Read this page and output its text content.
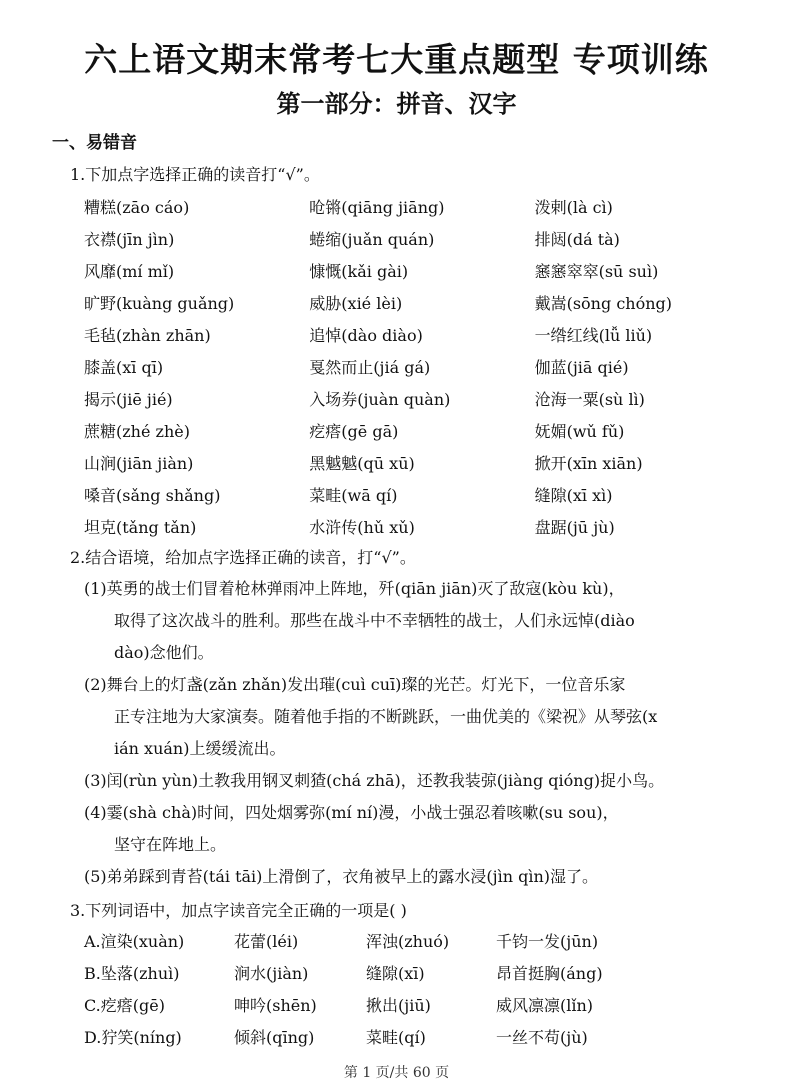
六上语文期末常考七大重点题型 专项训练
第一部分：拼音、汉字
一、易错音
1.下加点字选择正确的读音打“√”。
糟糕(zāo cáo)	呛锵(qiāng jiāng)	泼剌(là cì)
衣襟(jīn jìn)	蜷缩(juǎn quán)	排闼(dá tà)
风靡(mí mǐ)	慷慨(kǎi gài)	窸窸窣窣(sū suì)
旷野(kuàng guǎng)	威胁(xié lèi)	戴嵩(sōng chóng)
毛毡(zhàn zhān)	追悼(dào diào)	一绺红线(lǚ liǔ)
膝盖(xī qī)	戛然而止(jiá gá)	伽蓝(jiā qié)
揭示(jiē jié)	入场券(juàn quàn)	沧海一粟(sù lì)
蔗糖(zhé zhè)	疙瘩(gē gā)	妩媚(wǔ fǔ)
山涧(jiān jiàn)	黑魆魆(qū xū)	掀开(xīn xiān)
嗓音(sǎng shǎng)	菜畦(wā qí)	缝隙(xī xì)
坦克(tǎng tǎn)	水浒传(hǔ xǔ)	盘踞(jū jù)
2.结合语境，给加点字选择正确的读音，打“√”。
(1)英勇的战士们冒着枪林弹雨冲上阵地，歼(qiān jiān)灭了敌寇(kòu kù)，
取得了这次战斗的胜利。那些在战斗中不幸牺牲的战士，人们永远悼(diào
dào)念他们。
(2)舞台上的灯盏(zǎn zhǎn)发出璀(cuì cuī)璨的光芒。灯光下，一位音乐家
正专注地为大家演奏。随着他手指的不断跳跃，一曲优美的《梁祝》从琴弦(x
ián xuán)上缓缓流出。
(3)闰(rùn yùn)土教我用钢叉刺猹(chá zhā)，还教我装弶(jiàng qióng)捉小鸟。
(4)霎(shà chà)时间，四处烟雾弥(mí ní)漫，小战士强忍着咳嗽(su sou)，
坚守在阵地上。
(5)弟弟踩到青苔(tái tāi)上滑倒了，衣角被早上的露水浸(jìn qìn)湿了。
3.下列词语中，加点字读音完全正确的一项是( )
A.渲染(xuàn)	花蕾(léi)	浑浊(zhuó)	千钧一发(jūn)
B.坠落(zhuì)	涧水(jiàn)	缝隙(xī)	昂首挺胸(áng)
C.疙瘩(gē)	呻吟(shēn)	揪出(jiū)	威风凛凛(lǐn)
D.狞笑(níng)	倾斜(qīng)	菜畦(qí)	一丝不苟(jù)
第 1 页/共 60 页
